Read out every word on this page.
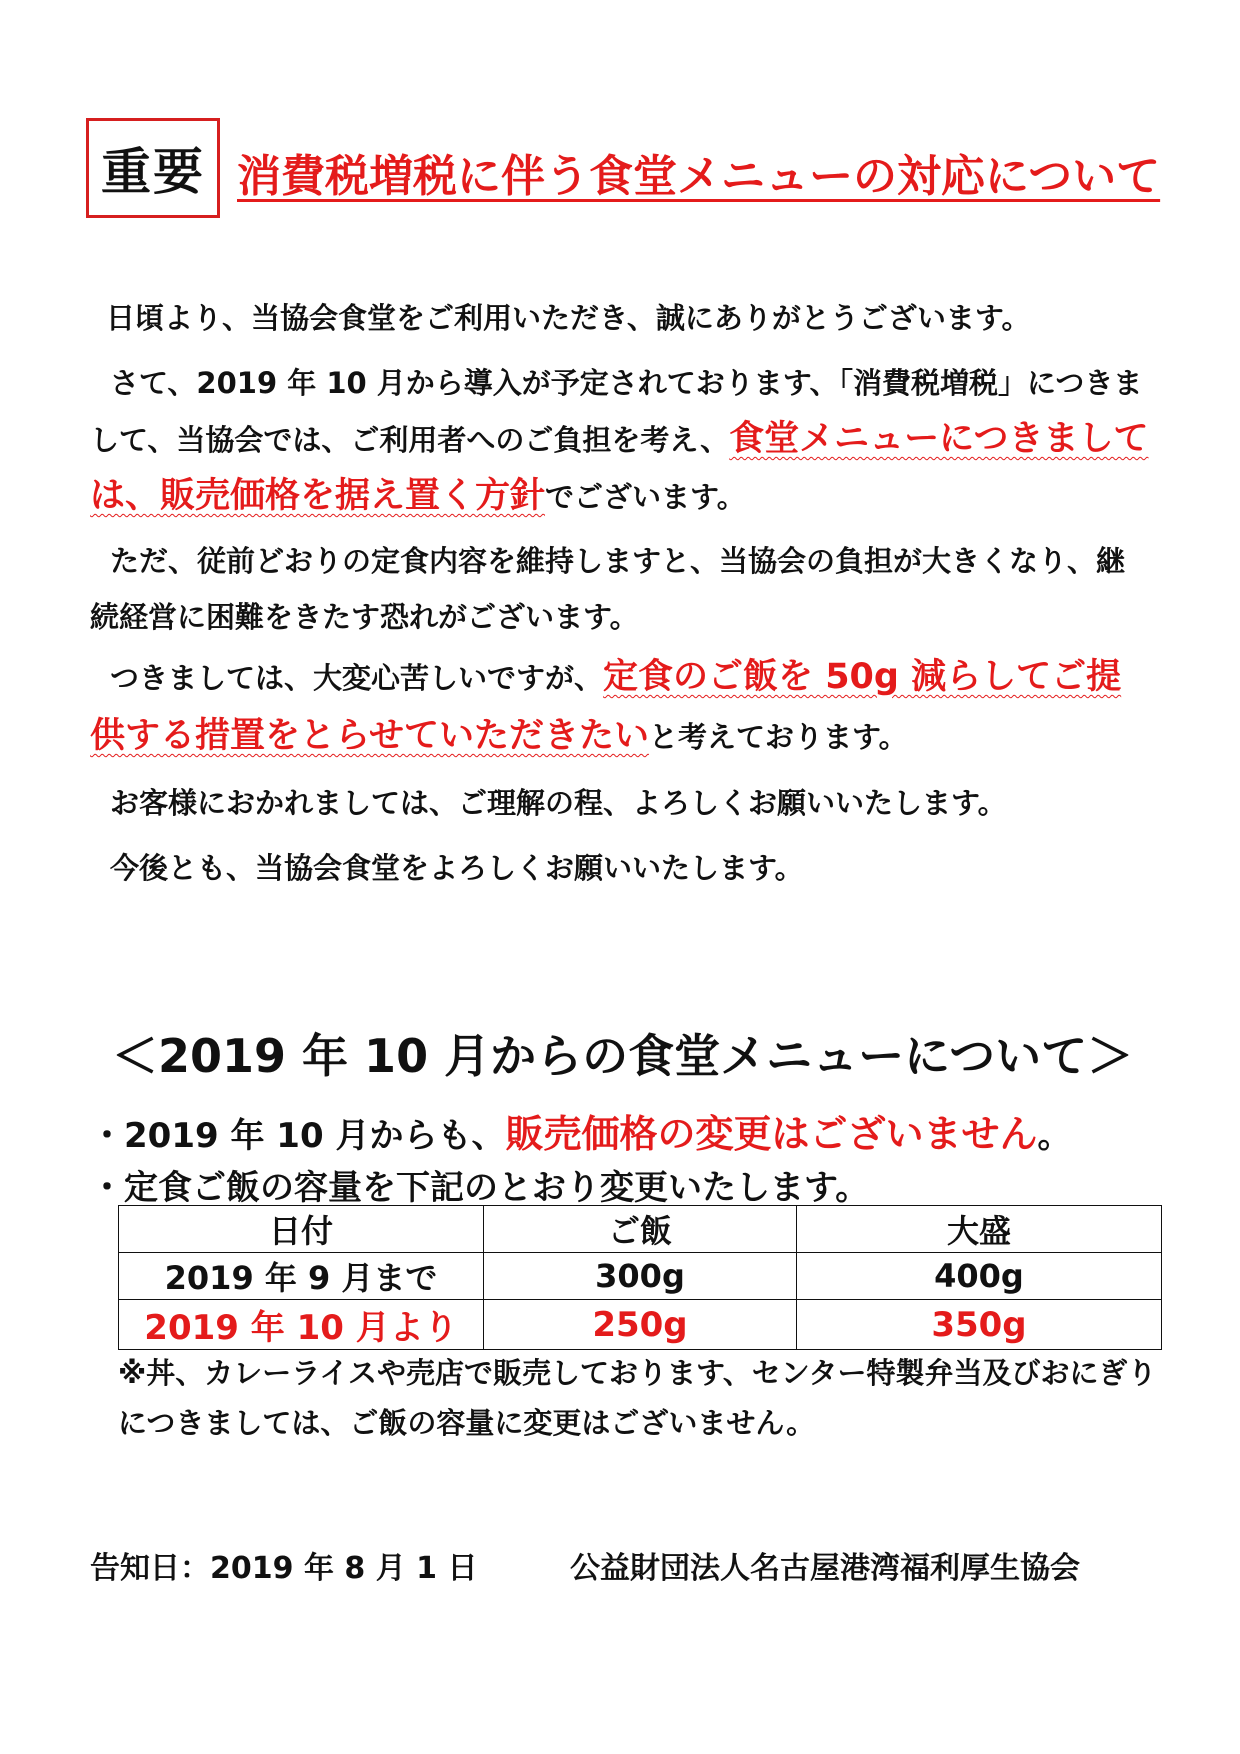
重要 消費税増税に伴う食堂メニューの対応について
日頃より、当協会食堂をご利用いただき、誠にありがとうございます。
さて、2019 年 10 月から導入が予定されております、「消費税増税」につきまして、当協会では、ご利用者へのご負担を考え、食堂メニューにつきましては、販売価格を据え置く方針でございます。
ただ、従前どおりの定食内容を維持しますと、当協会の負担が大きくなり、継続経営に困難をきたす恐れがございます。
つきましては、大変心苦しいですが、定食のご飯を 50g 減らしてご提供する措置をとらせていただきたいと考えております。
お客様におかれましては、ご理解の程、よろしくお願いいたします。
今後とも、当協会食堂をよろしくお願いいたします。
＜2019 年 10 月からの食堂メニューについて＞
・2019 年 10 月からも、販売価格の変更はございません。
・定食ご飯の容量を下記のとおり変更いたします。
日付	ご飯	大盛
2019 年 9 月まで	300g	400g
2019 年 10 月より	250g	350g
※丼、カレーライスや売店で販売しております、センター特製弁当及びおにぎりにつきましては、ご飯の容量に変更はございません。
告知日：2019 年 8 月 1 日	公益財団法人名古屋港湾福利厚生協会
